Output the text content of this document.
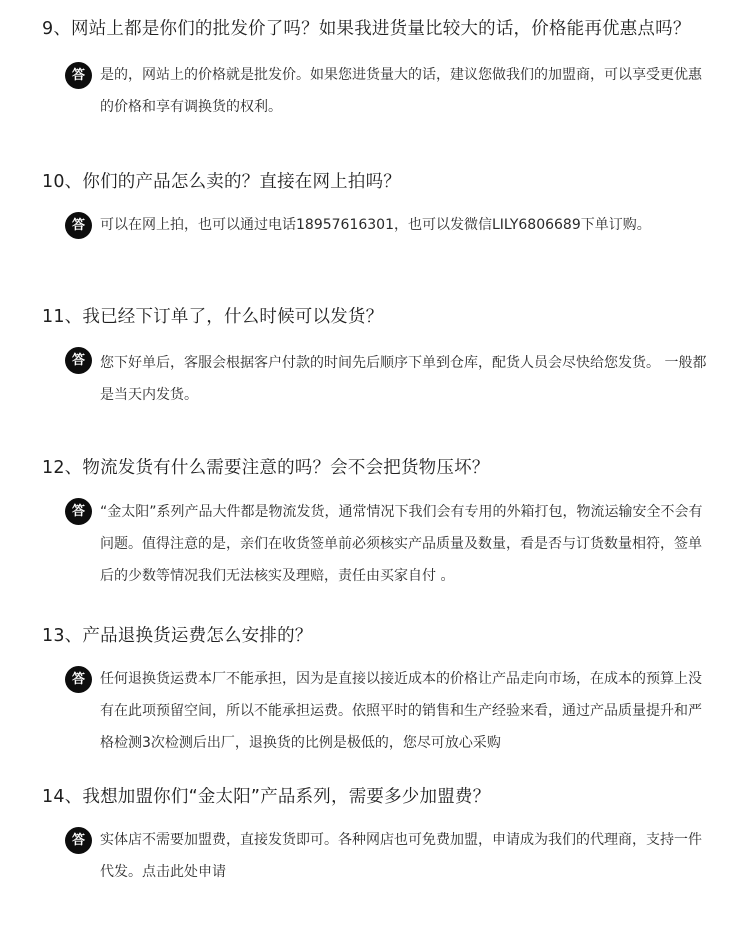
9、网站上都是你们的批发价了吗？如果我进货量比较大的话，价格能再优惠点吗？
答	是的，网站上的价格就是批发价。如果您进货量大的话，建议您做我们的加盟商，可以享受更优惠的价格和享有调换货的权利。
10、你们的产品怎么卖的？直接在网上拍吗？
答	可以在网上拍，也可以通过电话18957616301，也可以发微信LILY6806689下单订购。
11、我已经下订单了，什么时候可以发货？
答	您下好单后，客服会根据客户付款的时间先后顺序下单到仓库，配货人员会尽快给您发货。 一般都是当天内发货。
12、物流发货有什么需要注意的吗？会不会把货物压坏？
答	“金太阳”系列产品大件都是物流发货，通常情况下我们会有专用的外箱打包，物流运输安全不会有问题。值得注意的是，亲们在收货签单前必须核实产品质量及数量，看是否与订货数量相符，签单后的少数等情况我们无法核实及理赔，责任由买家自付 。
13、产品退换货运费怎么安排的？
答	任何退换货运费本厂不能承担，因为是直接以接近成本的价格让产品走向市场，在成本的预算上没有在此项预留空间，所以不能承担运费。依照平时的销售和生产经验来看，通过产品质量提升和严格检测3次检测后出厂，退换货的比例是极低的，您尽可放心采购
14、我想加盟你们“金太阳”产品系列，需要多少加盟费？
答	实体店不需要加盟费，直接发货即可。各种网店也可免费加盟，申请成为我们的代理商，支持一件代发。点击此处申请
